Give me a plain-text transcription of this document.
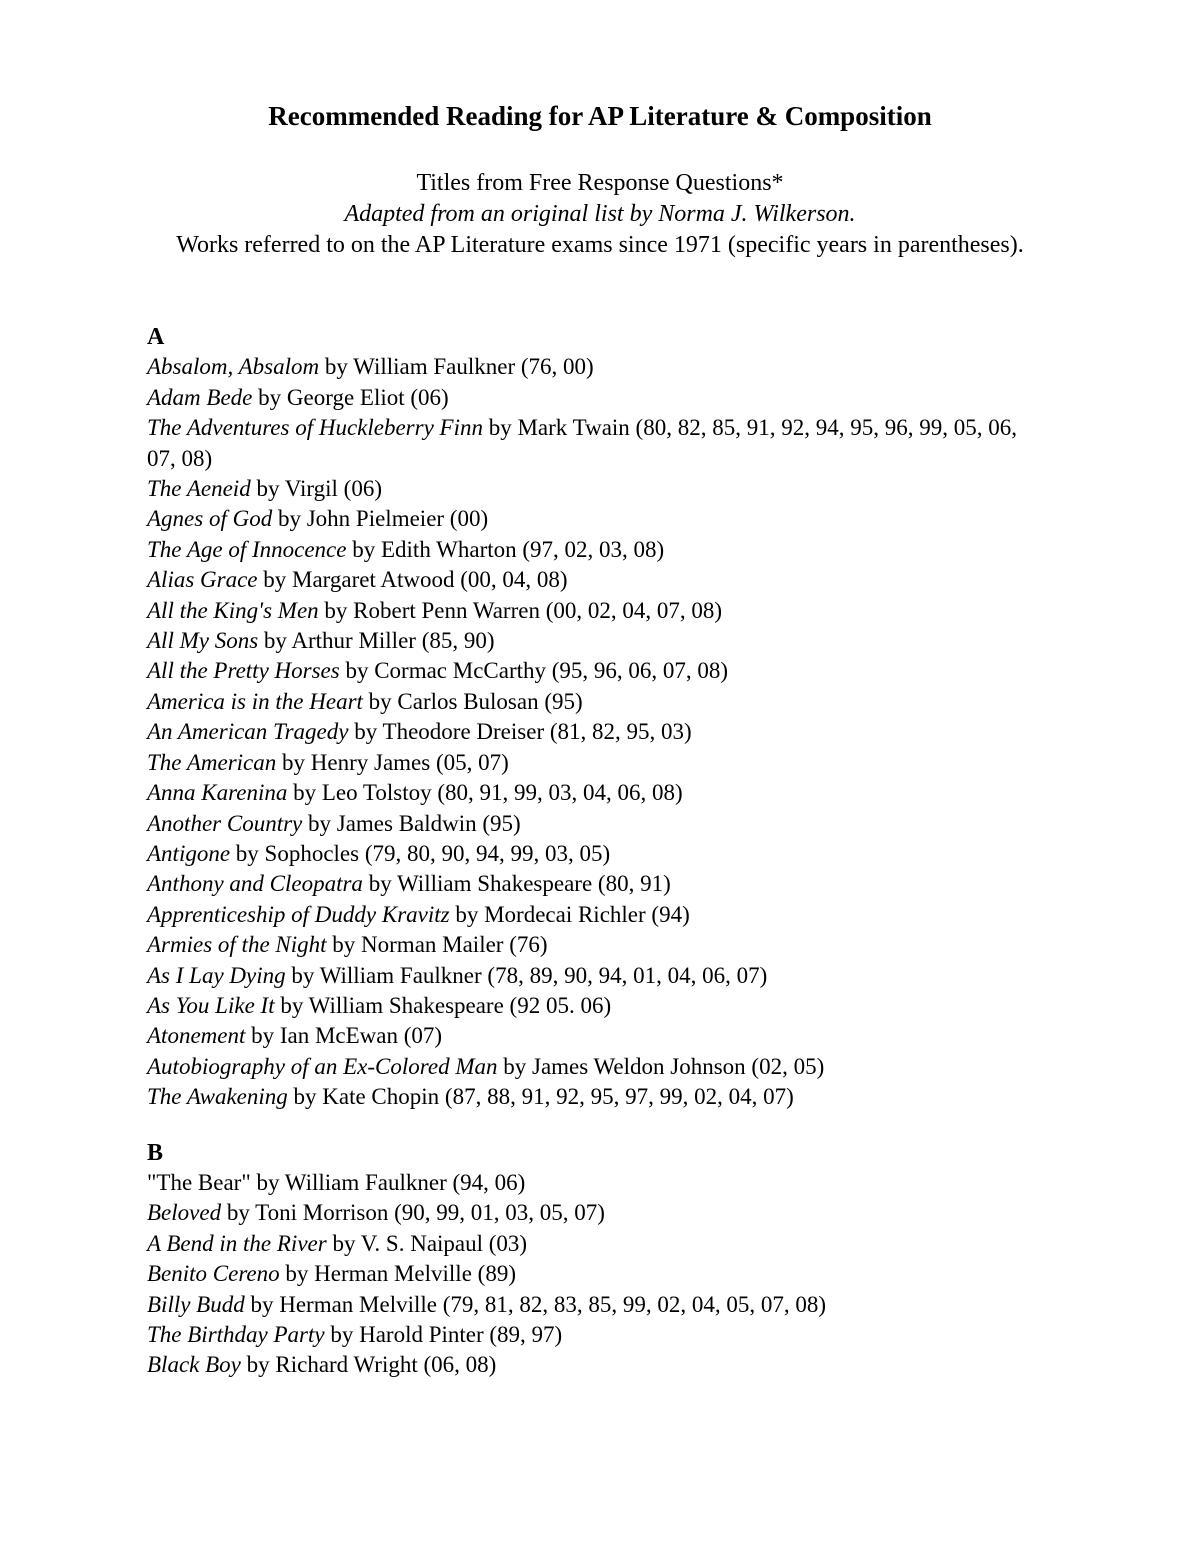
Recommended Reading for AP Literature & Composition
Titles from Free Response Questions*
Adapted from an original list by Norma J. Wilkerson.
Works referred to on the AP Literature exams since 1971 (specific years in parentheses).
A
Absalom, Absalom by William Faulkner (76, 00)
Adam Bede by George Eliot (06)
The Adventures of Huckleberry Finn by Mark Twain (80, 82, 85, 91, 92, 94, 95, 96, 99, 05, 06, 07, 08)
The Aeneid by Virgil (06)
Agnes of God by John Pielmeier (00)
The Age of Innocence by Edith Wharton (97, 02, 03, 08)
Alias Grace by Margaret Atwood (00, 04, 08)
All the King's Men by Robert Penn Warren (00, 02, 04, 07, 08)
All My Sons by Arthur Miller (85, 90)
All the Pretty Horses by Cormac McCarthy (95, 96, 06, 07, 08)
America is in the Heart by Carlos Bulosan (95)
An American Tragedy by Theodore Dreiser (81, 82, 95, 03)
The American by Henry James (05, 07)
Anna Karenina by Leo Tolstoy (80, 91, 99, 03, 04, 06, 08)
Another Country by James Baldwin (95)
Antigone by Sophocles (79, 80, 90, 94, 99, 03, 05)
Anthony and Cleopatra by William Shakespeare (80, 91)
Apprenticeship of Duddy Kravitz by Mordecai Richler (94)
Armies of the Night by Norman Mailer (76)
As I Lay Dying by William Faulkner (78, 89, 90, 94, 01, 04, 06, 07)
As You Like It by William Shakespeare (92 05. 06)
Atonement by Ian McEwan (07)
Autobiography of an Ex-Colored Man by James Weldon Johnson (02, 05)
The Awakening by Kate Chopin (87, 88, 91, 92, 95, 97, 99, 02, 04, 07)
B
"The Bear" by William Faulkner (94, 06)
Beloved by Toni Morrison (90, 99, 01, 03, 05, 07)
A Bend in the River by V. S. Naipaul (03)
Benito Cereno by Herman Melville (89)
Billy Budd by Herman Melville (79, 81, 82, 83, 85, 99, 02, 04, 05, 07, 08)
The Birthday Party by Harold Pinter (89, 97)
Black Boy by Richard Wright (06, 08)
